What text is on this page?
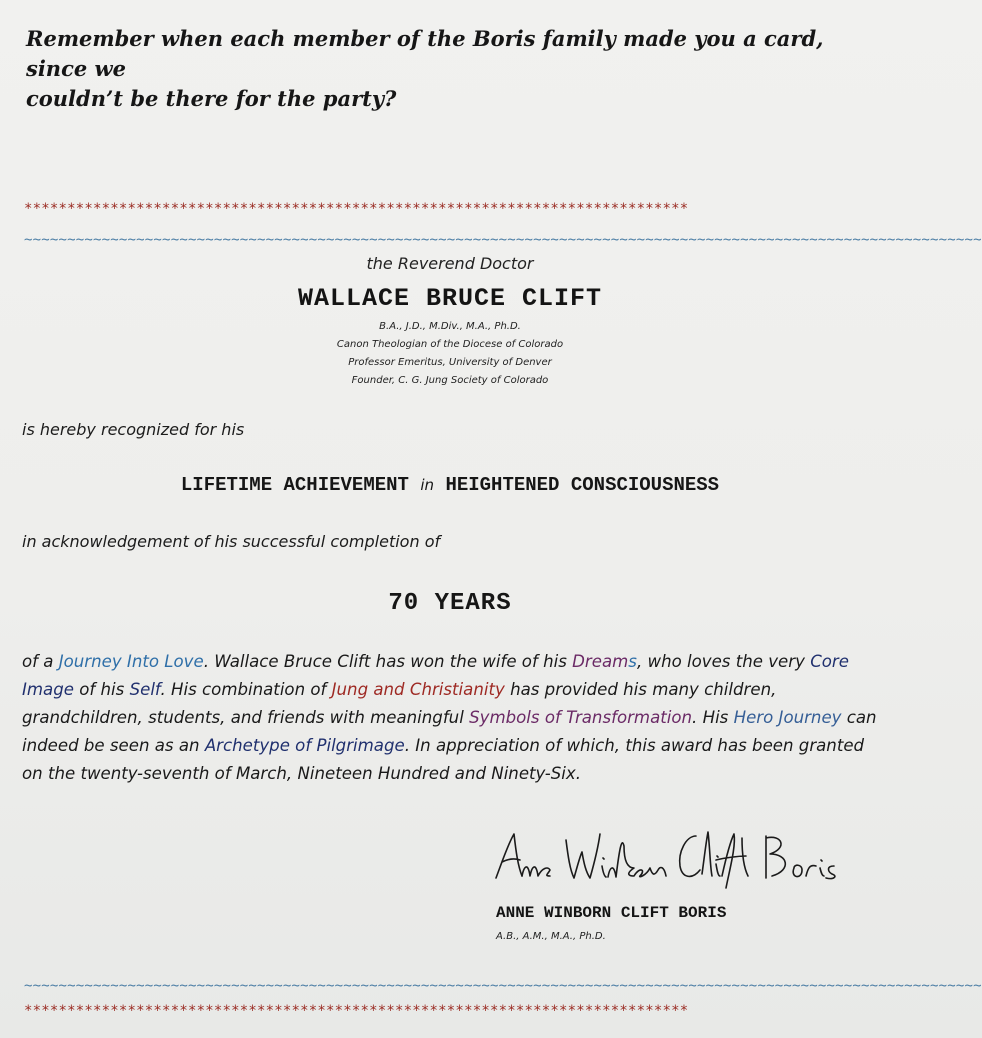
Remember when each member of the Boris family made you a card, since we
couldn’t be there for the party?
*****************************************************************************
~~~~~~~~~~~~~~~~~~~~~~~~~~~~~~~~~~~~~~~~~~~~~~~~~~~~~~~~~~~~~~~~~~~~~~~~~~~~~~~~~~~~~~~~~~~~~~~~~~~~~~~~~~~~~~~
the Reverend Doctor
WALLACE BRUCE CLIFT
B.A., J.D., M.Div., M.A., Ph.D.
Canon Theologian of the Diocese of Colorado
Professor Emeritus, University of Denver
Founder, C. G. Jung Society of Colorado
is hereby recognized for his
LIFETIME ACHIEVEMENT in HEIGHTENED CONSCIOUSNESS
in acknowledgement of his successful completion of
70 YEARS
of a Journey Into Love. Wallace Bruce Clift has won the wife of his Dreams, who loves the very Core Image of his Self. His combination of Jung and Christianity has provided his many children, grandchildren, students, and friends with meaningful Symbols of Transformation. His Hero Journey can indeed be seen as an Archetype of Pilgrimage. In appreciation of which, this award has been granted on the twenty-seventh of March, Nineteen Hundred and Ninety-Six.
ANNE WINBORN CLIFT BORIS
A.B., A.M., M.A., Ph.D.
~~~~~~~~~~~~~~~~~~~~~~~~~~~~~~~~~~~~~~~~~~~~~~~~~~~~~~~~~~~~~~~~~~~~~~~~~~~~~~~~~~~~~~~~~~~~~~~~~~~~~~~~~~~~~~~
*****************************************************************************
